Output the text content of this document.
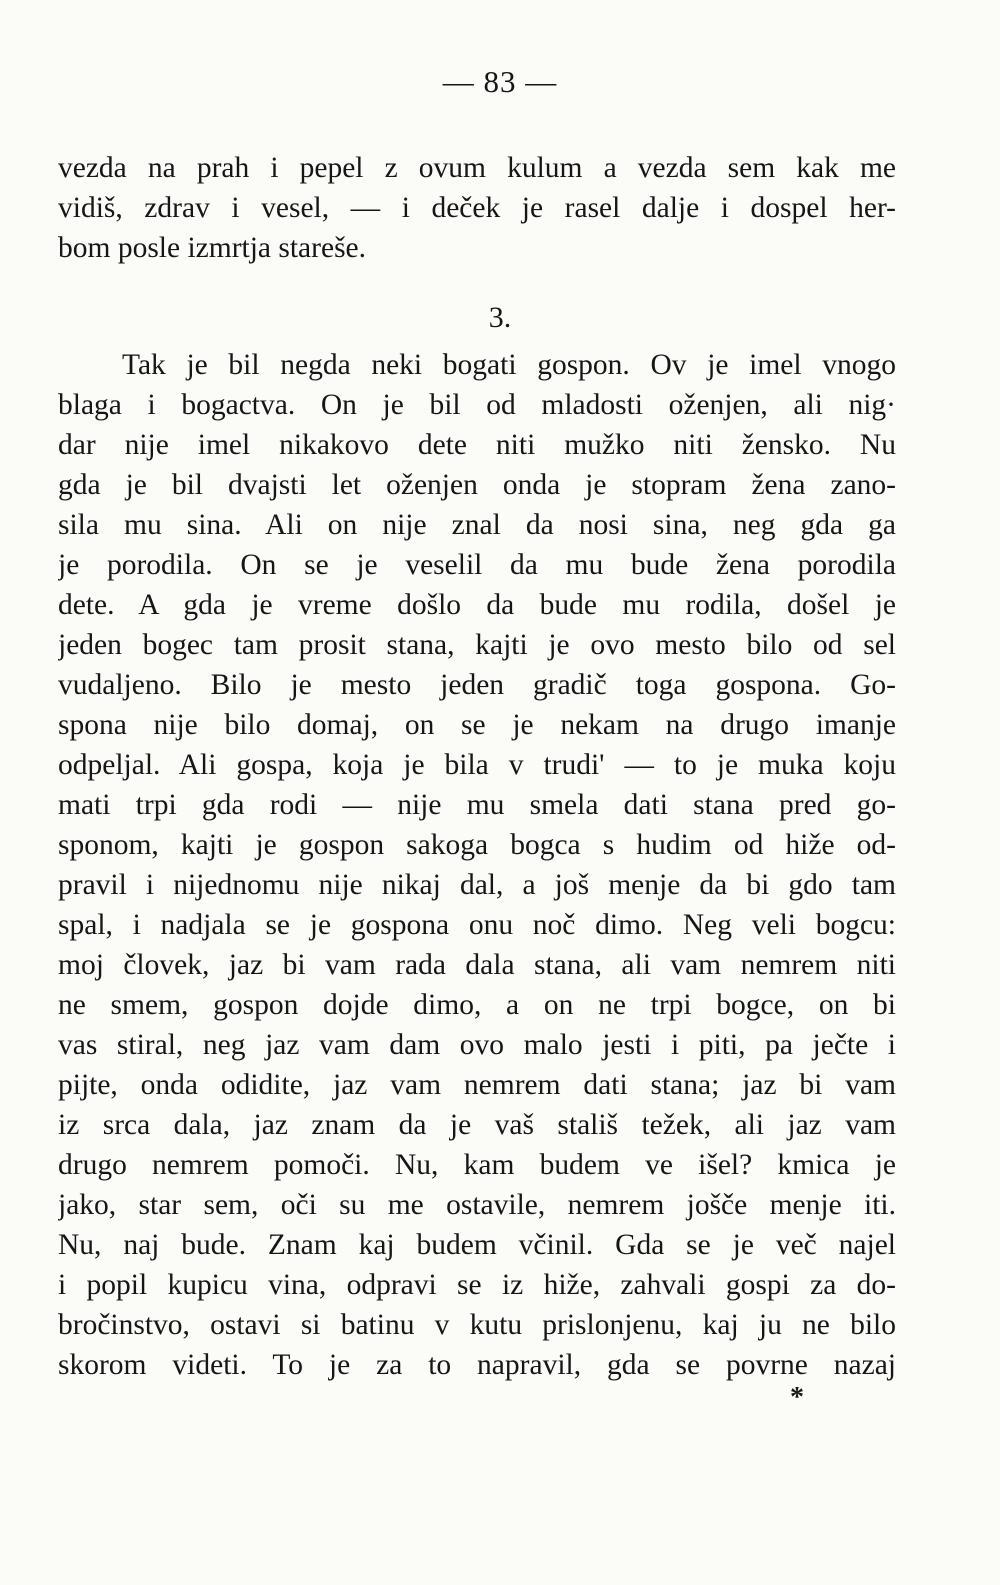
— 83 —
vezda na prah i pepel z ovum kulum a vezda sem kak me
vidiš, zdrav i vesel, — i deček je rasel dalje i dospel her-
bom posle izmrtja stareše.
3.
Tak je bil negda neki bogati gospon. Ov je imel vnogo
blaga i bogactva. On je bil od mladosti oženjen, ali nig·
dar nije imel nikakovo dete niti mužko niti žensko. Nu
gda je bil dvajsti let oženjen onda je stopram žena zano-
sila mu sina. Ali on nije znal da nosi sina, neg gda ga
je porodila. On se je veselil da mu bude žena porodila
dete. A gda je vreme došlo da bude mu rodila, došel je
jeden bogec tam prosit stana, kajti je ovo mesto bilo od sel
vudaljeno. Bilo je mesto jeden gradič toga gospona. Go-
spona nije bilo domaj, on se je nekam na drugo imanje
odpeljal. Ali gospa, koja je bila v trudi' — to je muka koju
mati trpi gda rodi — nije mu smela dati stana pred go-
sponom, kajti je gospon sakoga bogca s hudim od hiže od-
pravil i nijednomu nije nikaj dal, a još menje da bi gdo tam
spal, i nadjala se je gospona onu noč dimo. Neg veli bogcu:
moj človek, jaz bi vam rada dala stana, ali vam nemrem niti
ne smem, gospon dojde dimo, a on ne trpi bogce, on bi
vas stiral, neg jaz vam dam ovo malo jesti i piti, pa ječte i
pijte, onda odidite, jaz vam nemrem dati stana; jaz bi vam
iz srca dala, jaz znam da je vaš stališ težek, ali jaz vam
drugo nemrem pomoči. Nu, kam budem ve išel? kmica je
jako, star sem, oči su me ostavile, nemrem jošče menje iti.
Nu, naj bude. Znam kaj budem včinil. Gda se je več najel
i popil kupicu vina, odpravi se iz hiže, zahvali gospi za do-
bročinstvo, ostavi si batinu v kutu prislonjenu, kaj ju ne bilo
skorom videti. To je za to napravil, gda se povrne nazaj
*
